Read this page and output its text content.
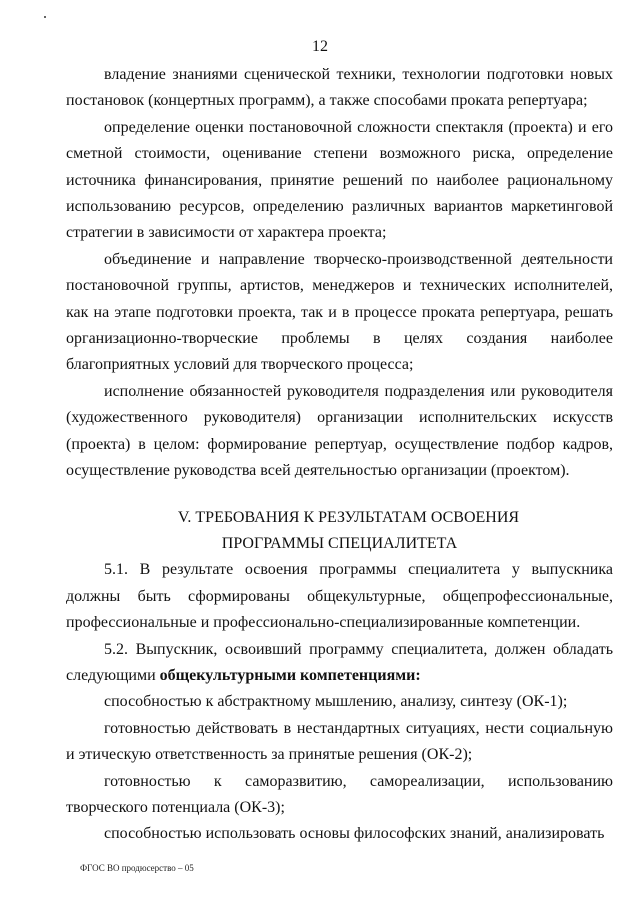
12

владение знаниями сценической техники, технологии подготовки новых постановок (концертных программ), а также способами проката репертуара;

определение оценки постановочной сложности спектакля (проекта) и его сметной стоимости, оценивание степени возможного риска, определение источника финансирования, принятие решений по наиболее рациональному использованию ресурсов, определению различных вариантов маркетинговой стратегии в зависимости от характера проекта;

объединение и направление творческо-производственной деятельности постановочной группы, артистов, менеджеров и технических исполнителей, как на этапе подготовки проекта, так и в процессе проката репертуара, решать организационно-творческие проблемы в целях создания наиболее благоприятных условий для творческого процесса;

исполнение обязанностей руководителя подразделения или руководителя (художественного руководителя) организации исполнительских искусств (проекта) в целом: формирование репертуар, осуществление подбор кадров, осуществление руководства всей деятельностью организации (проектом).

V. ТРЕБОВАНИЯ К РЕЗУЛЬТАТАМ ОСВОЕНИЯ
ПРОГРАММЫ СПЕЦИАЛИТЕТА

5.1. В результате освоения программы специалитета у выпускника должны быть сформированы общекультурные, общепрофессиональные, профессиональные и профессионально-специализированные компетенции.

5.2. Выпускник, освоивший программу специалитета, должен обладать следующими общекультурными компетенциями:

способностью к абстрактному мышлению, анализу, синтезу (ОК-1);

готовностью действовать в нестандартных ситуациях, нести социальную и этическую ответственность за принятые решения (ОК-2);

готовностью к саморазвитию, самореализации, использованию творческого потенциала (ОК-3);

способностью использовать основы философских знаний, анализировать

ФГОС ВО продюсерство – 05
